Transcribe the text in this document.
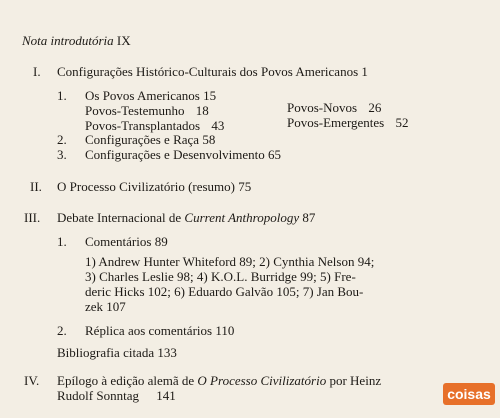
Nota introdutória IX
I. Configurações Histórico-Culturais dos Povos Americanos 1
1. Os Povos Americanos 15
Povos-Testemunho 18	Povos-Novos 26
Povos-Transplantados 43	Povos-Emergentes 52
2. Configurações e Raça 58
3. Configurações e Desenvolvimento 65
II. O Processo Civilizatório (resumo) 75
III. Debate Internacional de Current Anthropology 87
1. Comentários 89
1) Andrew Hunter Whiteford 89; 2) Cynthia Nelson 94;
3) Charles Leslie 98; 4) K.O.L. Burridge 99; 5) Fre-
deric Hicks 102; 6) Eduardo Galvão 105; 7) Jan Bou-
zek 107
2. Réplica aos comentários 110
Bibliografia citada 133
IV. Epílogo à edição alemã de O Processo Civilizatório por Heinz
Rudolf Sonntag 141	coisas
